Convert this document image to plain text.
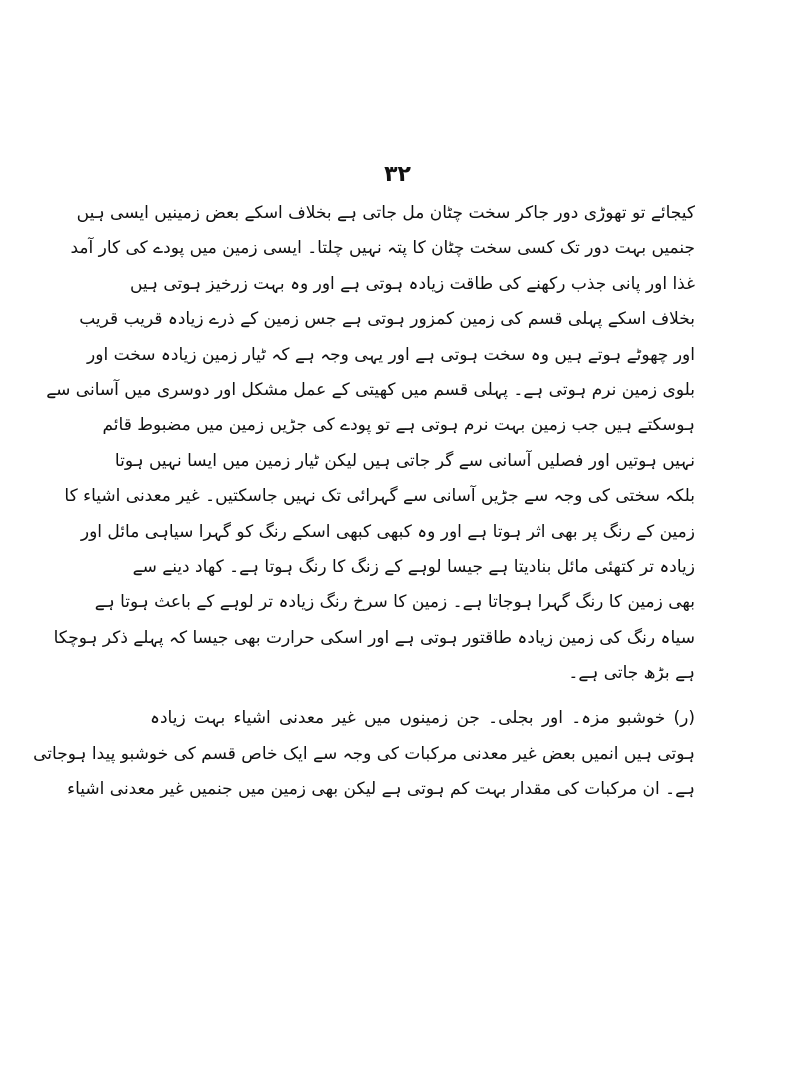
۳۲
کیجائے تو تھوڑی دور جاکر سخت چٹان مل جاتی ہے بخلاف اسکے بعض زمینیں ایسی ہیں
جنمیں بہت دور تک کسی سخت چٹان کا پتہ نہیں چلتا۔ ایسی زمین میں پودے کی کار آمد
غذا اور پانی جذب رکھنے کی طاقت زیادہ ہوتی ہے اور وہ بہت زرخیز ہوتی ہیں
بخلاف اسکے پہلی قسم کی زمین کمزور ہوتی ہے جس زمین کے ذرے زیادہ قریب قریب
اور چھوٹے ہوتے ہیں وہ سخت ہوتی ہے اور یہی وجہ ہے کہ ٹیار زمین زیادہ سخت اور
بلوی زمین نرم ہوتی ہے۔ پہلی قسم میں کھیتی کے عمل مشکل اور دوسری میں آسانی سے
ہوسکتے ہیں جب زمین بہت نرم ہوتی ہے تو پودے کی جڑیں زمین میں مضبوط قائم
نہیں ہوتیں اور فصلیں آسانی سے گر جاتی ہیں لیکن ٹیار زمین میں ایسا نہیں ہوتا
بلکہ سختی کی وجہ سے جڑیں آسانی سے گہرائی تک نہیں جاسکتیں۔ غیر معدنی اشیاء کا
زمین کے رنگ پر بھی اثر ہوتا ہے اور وہ کبھی کبھی اسکے رنگ کو گہرا سیاہی مائل اور
زیادہ تر کتھئی مائل بنادیتا ہے جیسا لوہے کے زنگ کا رنگ ہوتا ہے۔ کھاد دینے سے
بھی زمین کا رنگ گہرا ہوجاتا ہے۔ زمین کا سرخ رنگ زیادہ تر لوہے کے باعث ہوتا ہے
سیاہ رنگ کی زمین زیادہ طاقتور ہوتی ہے اور اسکی حرارت بھی جیسا کہ پہلے ذکر ہوچکا
ہے بڑھ جاتی ہے۔
(ر) خوشبو مزہ۔ اور بجلی۔ جن زمینوں میں غیر معدنی اشیاء بہت زیادہ
ہوتی ہیں انمیں بعض غیر معدنی مرکبات کی وجہ سے ایک خاص قسم کی خوشبو پیدا ہوجاتی
ہے۔ ان مرکبات کی مقدار بہت کم ہوتی ہے لیکن بھی زمین میں جنمیں غیر معدنی اشیاء
